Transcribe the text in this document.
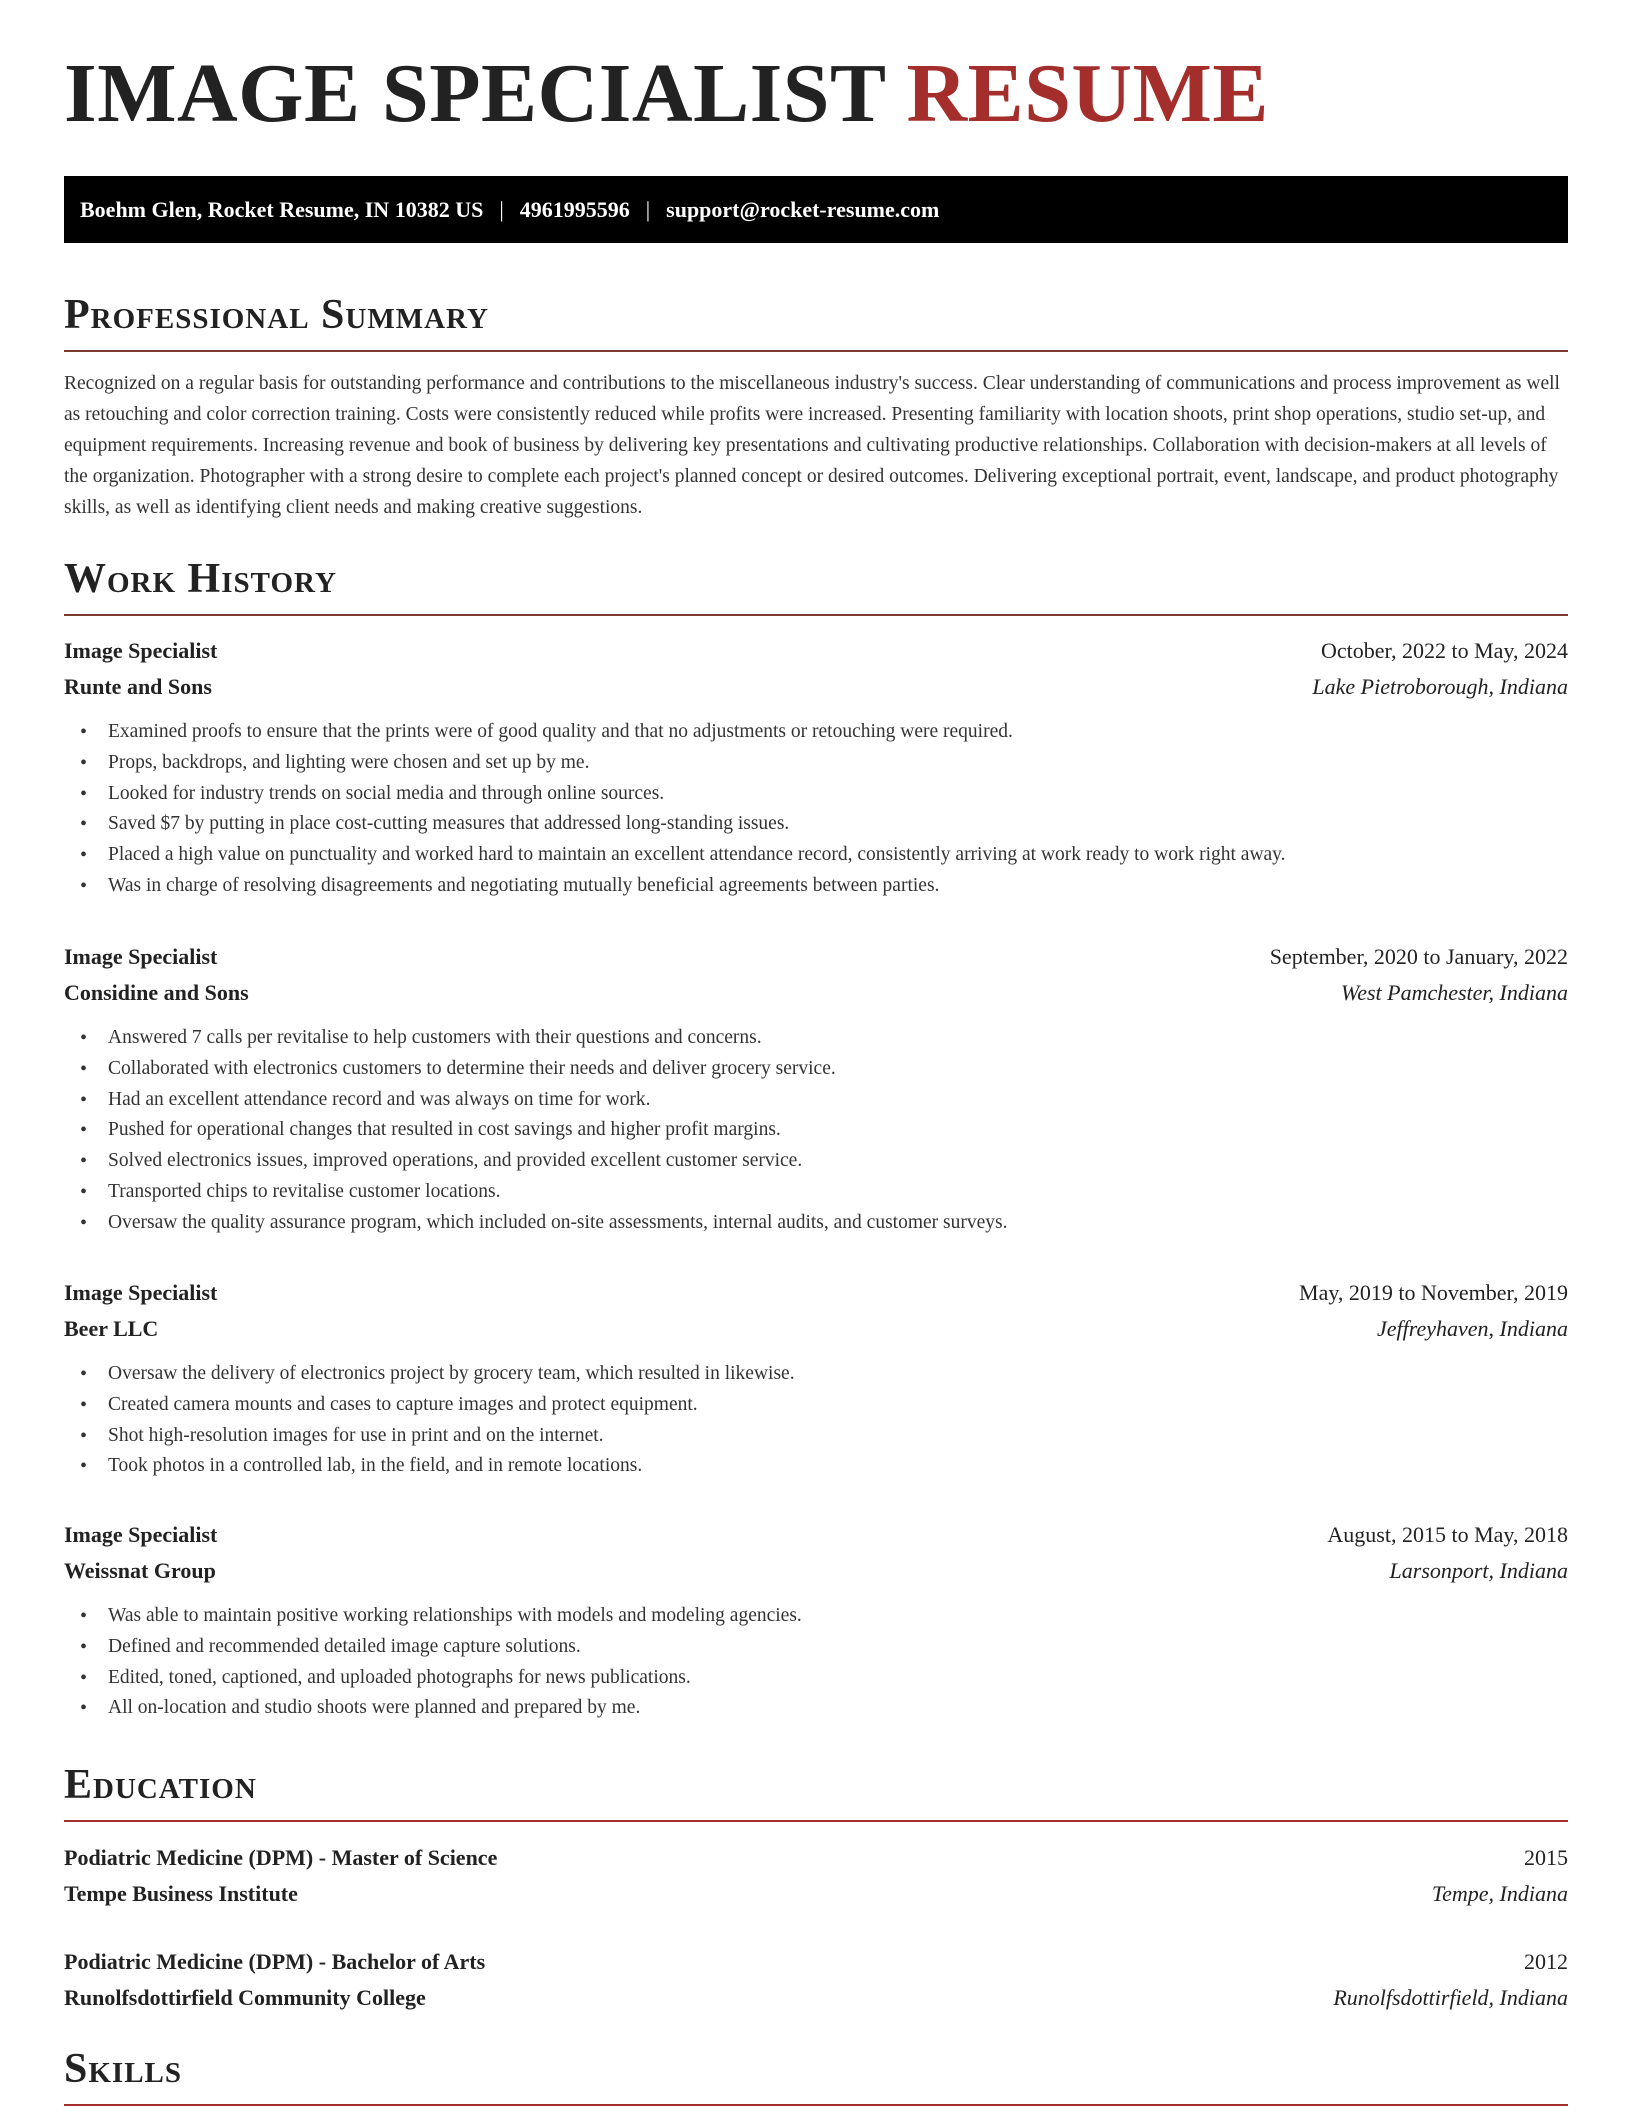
IMAGE SPECIALIST RESUME
Boehm Glen, Rocket Resume, IN 10382 US | 4961995596 | support@rocket-resume.com
Professional Summary

Recognized on a regular basis for outstanding performance and contributions to the miscellaneous industry's success. Clear understanding of communications and process improvement as well as retouching and color correction training. Costs were consistently reduced while profits were increased. Presenting familiarity with location shoots, print shop operations, studio set-up, and equipment requirements. Increasing revenue and book of business by delivering key presentations and cultivating productive relationships. Collaboration with decision-makers at all levels of the organization. Photographer with a strong desire to complete each project's planned concept or desired outcomes. Delivering exceptional portrait, event, landscape, and product photography skills, as well as identifying client needs and making creative suggestions.

Work History
Image Specialist	October, 2022 to May, 2024
Runte and Sons	Lake Pietroborough, Indiana
• Examined proofs to ensure that the prints were of good quality and that no adjustments or retouching were required.
• Props, backdrops, and lighting were chosen and set up by me.
• Looked for industry trends on social media and through online sources.
• Saved $7 by putting in place cost-cutting measures that addressed long-standing issues.
• Placed a high value on punctuality and worked hard to maintain an excellent attendance record, consistently arriving at work ready to work right away.
• Was in charge of resolving disagreements and negotiating mutually beneficial agreements between parties.
Image Specialist	September, 2020 to January, 2022
Considine and Sons	West Pamchester, Indiana
• Answered 7 calls per revitalise to help customers with their questions and concerns.
• Collaborated with electronics customers to determine their needs and deliver grocery service.
• Had an excellent attendance record and was always on time for work.
• Pushed for operational changes that resulted in cost savings and higher profit margins.
• Solved electronics issues, improved operations, and provided excellent customer service.
• Transported chips to revitalise customer locations.
• Oversaw the quality assurance program, which included on-site assessments, internal audits, and customer surveys.
Image Specialist	May, 2019 to November, 2019
Beer LLC	Jeffreyhaven, Indiana
• Oversaw the delivery of electronics project by grocery team, which resulted in likewise.
• Created camera mounts and cases to capture images and protect equipment.
• Shot high-resolution images for use in print and on the internet.
• Took photos in a controlled lab, in the field, and in remote locations.
Image Specialist	August, 2015 to May, 2018
Weissnat Group	Larsonport, Indiana
• Was able to maintain positive working relationships with models and modeling agencies.
• Defined and recommended detailed image capture solutions.
• Edited, toned, captioned, and uploaded photographs for news publications.
• All on-location and studio shoots were planned and prepared by me.
Education
Podiatric Medicine (DPM) - Master of Science	2015
Tempe Business Institute	Tempe, Indiana
Podiatric Medicine (DPM) - Bachelor of Arts	2012
Runolfsdottirfield Community College	Runolfsdottirfield, Indiana
Skills
